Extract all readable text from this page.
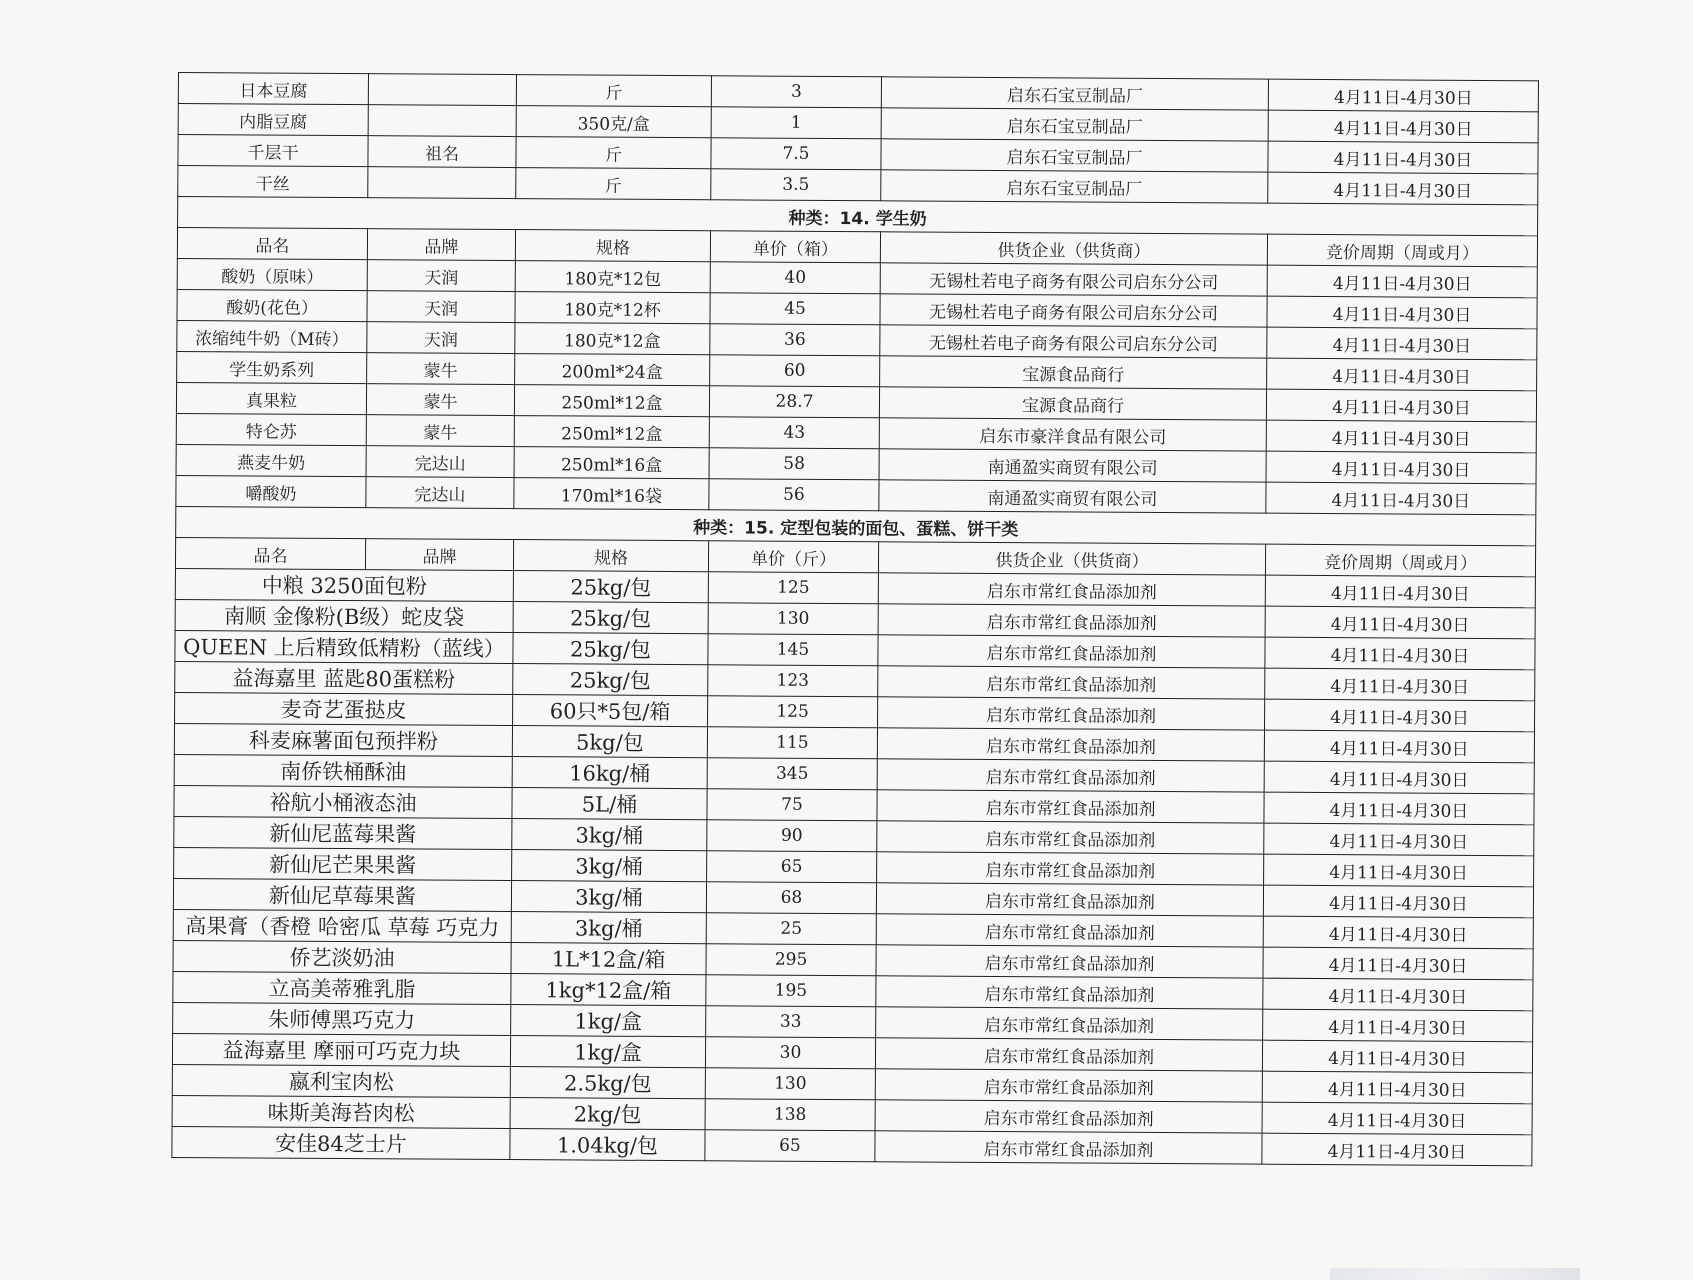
日本豆腐		斤	3	启东石宝豆制品厂	4月11日-4月30日
内脂豆腐		350克/盒	1	启东石宝豆制品厂	4月11日-4月30日
千层干	祖名	斤	7.5	启东石宝豆制品厂	4月11日-4月30日
干丝		斤	3.5	启东石宝豆制品厂	4月11日-4月30日
种类：14. 学生奶					
品名	品牌	规格	单价（箱）	供货企业（供货商）	竞价周期（周或月）
酸奶（原味）	天润	180克*12包	40	无锡杜若电子商务有限公司启东分公司	4月11日-4月30日
酸奶(花色）	天润	180克*12杯	45	无锡杜若电子商务有限公司启东分公司	4月11日-4月30日
浓缩纯牛奶（M砖）	天润	180克*12盒	36	无锡杜若电子商务有限公司启东分公司	4月11日-4月30日
学生奶系列	蒙牛	200ml*24盒	60	宝源食品商行	4月11日-4月30日
真果粒	蒙牛	250ml*12盒	28.7	宝源食品商行	4月11日-4月30日
特仑苏	蒙牛	250ml*12盒	43	启东市豪洋食品有限公司	4月11日-4月30日
燕麦牛奶	完达山	250ml*16盒	58	南通盈实商贸有限公司	4月11日-4月30日
嚼酸奶	完达山	170ml*16袋	56	南通盈实商贸有限公司	4月11日-4月30日
种类：15. 定型包装的面包、蛋糕、饼干类					
品名	品牌	规格	单价（斤）	供货企业（供货商）	竞价周期（周或月）
中粮 3250面包粉		25kg/包	125	启东市常红食品添加剂	4月11日-4月30日
南顺 金像粉(B级）蛇皮袋		25kg/包	130	启东市常红食品添加剂	4月11日-4月30日
QUEEN 上后精致低精粉（蓝线）		25kg/包	145	启东市常红食品添加剂	4月11日-4月30日
益海嘉里 蓝匙80蛋糕粉		25kg/包	123	启东市常红食品添加剂	4月11日-4月30日
麦奇艺蛋挞皮		60只*5包/箱	125	启东市常红食品添加剂	4月11日-4月30日
科麦麻薯面包预拌粉		5kg/包	115	启东市常红食品添加剂	4月11日-4月30日
南侨铁桶酥油		16kg/桶	345	启东市常红食品添加剂	4月11日-4月30日
裕航小桶液态油		5L/桶	75	启东市常红食品添加剂	4月11日-4月30日
新仙尼蓝莓果酱		3kg/桶	90	启东市常红食品添加剂	4月11日-4月30日
新仙尼芒果果酱		3kg/桶	65	启东市常红食品添加剂	4月11日-4月30日
新仙尼草莓果酱		3kg/桶	68	启东市常红食品添加剂	4月11日-4月30日
高果膏（香橙 哈密瓜 草莓 巧克力		3kg/桶	25	启东市常红食品添加剂	4月11日-4月30日
侨艺淡奶油		1L*12盒/箱	295	启东市常红食品添加剂	4月11日-4月30日
立高美蒂雅乳脂		1kg*12盒/箱	195	启东市常红食品添加剂	4月11日-4月30日
朱师傅黑巧克力		1kg/盒	33	启东市常红食品添加剂	4月11日-4月30日
益海嘉里 摩丽可巧克力块		1kg/盒	30	启东市常红食品添加剂	4月11日-4月30日
嬴利宝肉松		2.5kg/包	130	启东市常红食品添加剂	4月11日-4月30日
味斯美海苔肉松		2kg/包	138	启东市常红食品添加剂	4月11日-4月30日
安佳84芝士片		1.04kg/包	65	启东市常红食品添加剂	4月11日-4月30日
